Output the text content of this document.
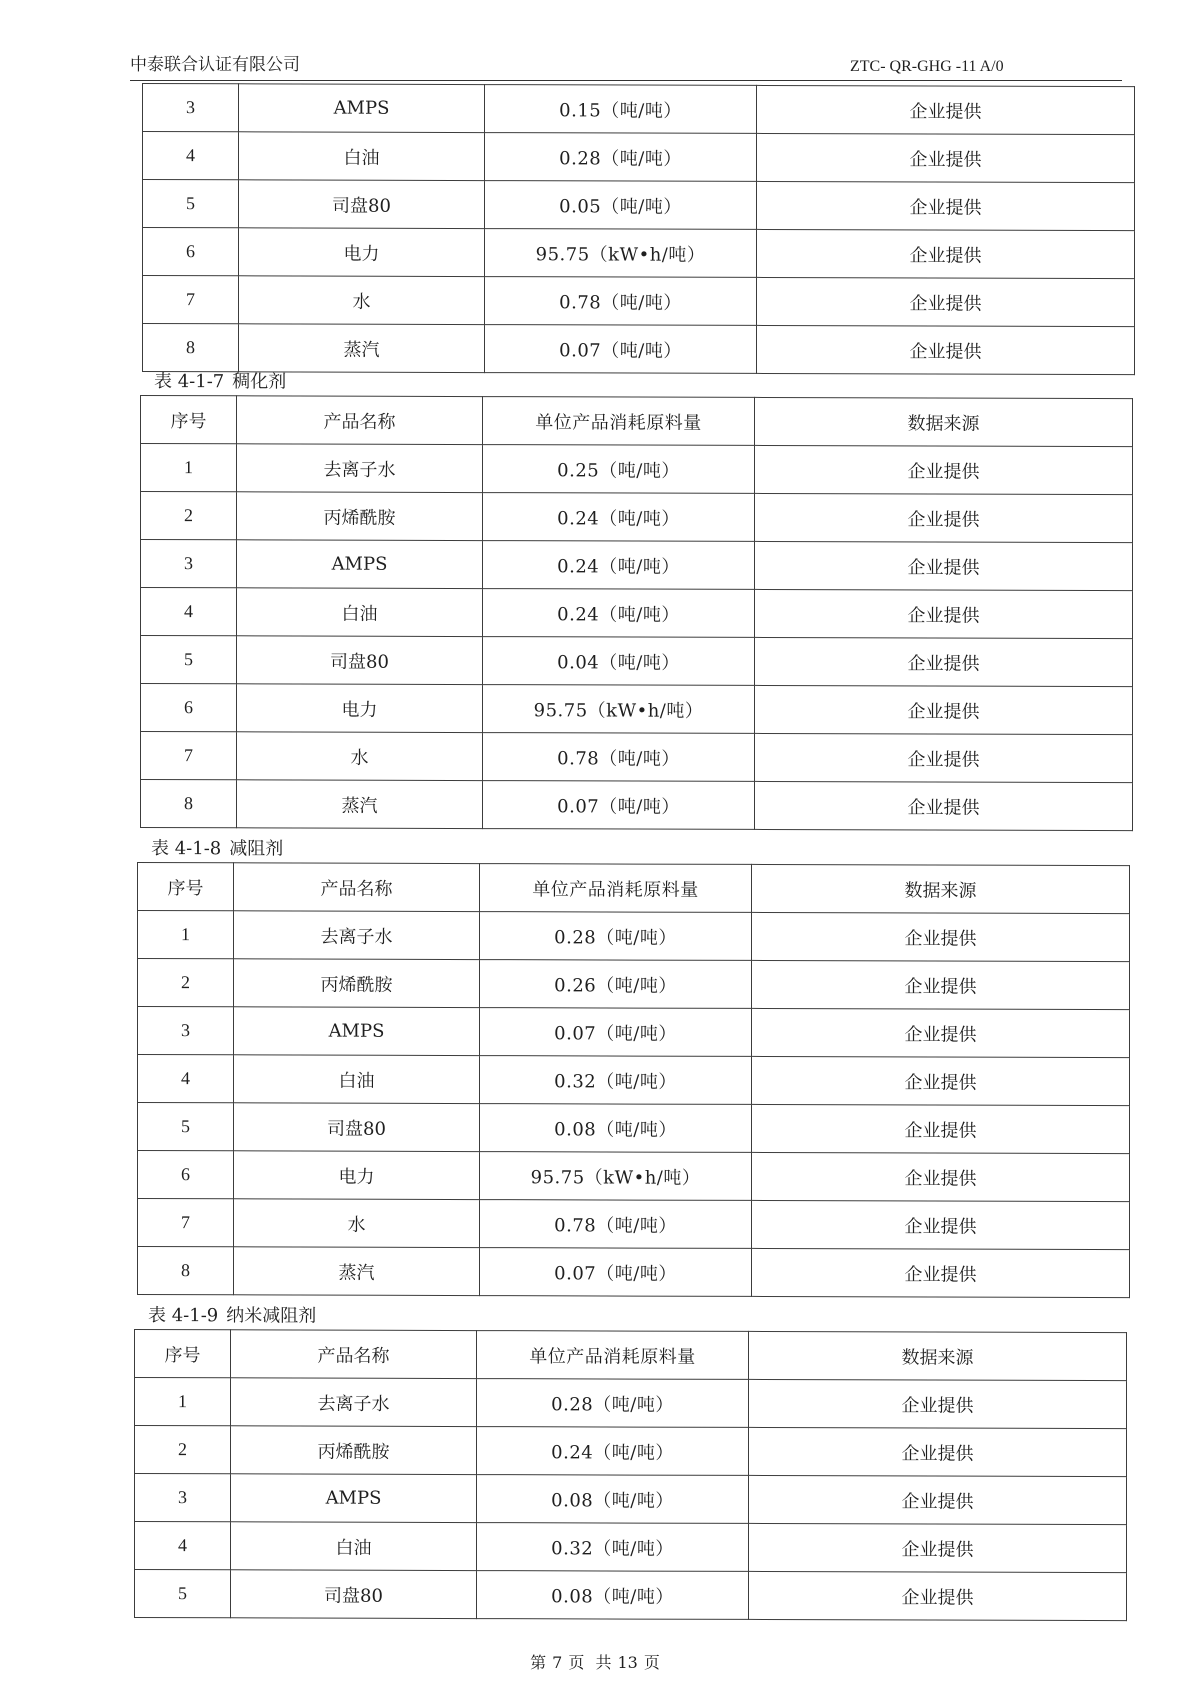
中泰联合认证有限公司	ZTC- QR-GHG -11 A/0
3	AMPS	0.15（吨/吨）	企业提供
4	白油	0.28（吨/吨）	企业提供
5	司盘80	0.05（吨/吨）	企业提供
6	电力	95.75（kW•h/吨）	企业提供
7	水	0.78（吨/吨）	企业提供
8	蒸汽	0.07（吨/吨）	企业提供
表 4-1-7 稠化剂
序号	产品名称	单位产品消耗原料量	数据来源
1	去离子水	0.25（吨/吨）	企业提供
2	丙烯酰胺	0.24（吨/吨）	企业提供
3	AMPS	0.24（吨/吨）	企业提供
4	白油	0.24（吨/吨）	企业提供
5	司盘80	0.04（吨/吨）	企业提供
6	电力	95.75（kW•h/吨）	企业提供
7	水	0.78（吨/吨）	企业提供
8	蒸汽	0.07（吨/吨）	企业提供
表 4-1-8 减阻剂
序号	产品名称	单位产品消耗原料量	数据来源
1	去离子水	0.28（吨/吨）	企业提供
2	丙烯酰胺	0.26（吨/吨）	企业提供
3	AMPS	0.07（吨/吨）	企业提供
4	白油	0.32（吨/吨）	企业提供
5	司盘80	0.08（吨/吨）	企业提供
6	电力	95.75（kW•h/吨）	企业提供
7	水	0.78（吨/吨）	企业提供
8	蒸汽	0.07（吨/吨）	企业提供
表 4-1-9 纳米减阻剂
序号	产品名称	单位产品消耗原料量	数据来源
1	去离子水	0.28（吨/吨）	企业提供
2	丙烯酰胺	0.24（吨/吨）	企业提供
3	AMPS	0.08（吨/吨）	企业提供
4	白油	0.32（吨/吨）	企业提供
5	司盘80	0.08（吨/吨）	企业提供
第 7 页 共 13 页
